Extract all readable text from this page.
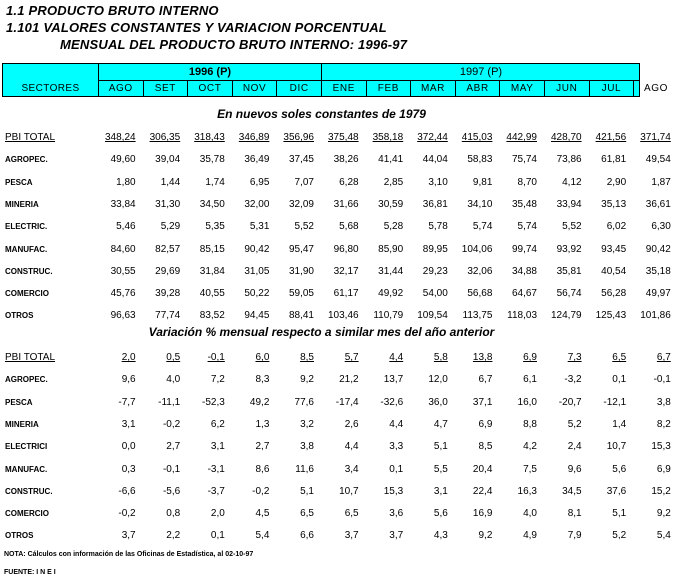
1.1 PRODUCTO BRUTO INTERNO
1.101 VALORES CONSTANTES Y VARIACION PORCENTUAL
MENSUAL DEL PRODUCTO BRUTO INTERNO: 1996-97
1996 (P)	1997 (P)
SECTORES	AGO	SET	OCT	NOV	DIC	ENE	FEB	MAR	ABR	MAY	JUN	JUL	AGO
En nuevos soles constantes de 1979
PBI TOTAL	348,24	306,35	318,43	346,89	356,96	375,48	358,18	372,44	415,03	442,99	428,70	421,56	371,74
AGROPEC.	49,60	39,04	35,78	36,49	37,45	38,26	41,41	44,04	58,83	75,74	73,86	61,81	49,54
PESCA	1,80	1,44	1,74	6,95	7,07	6,28	2,85	3,10	9,81	8,70	4,12	2,90	1,87
MINERIA	33,84	31,30	34,50	32,00	32,09	31,66	30,59	36,81	34,10	35,48	33,94	35,13	36,61
ELECTRIC.	5,46	5,29	5,35	5,31	5,52	5,68	5,28	5,78	5,74	5,74	5,52	6,02	6,30
MANUFAC.	84,60	82,57	85,15	90,42	95,47	96,80	85,90	89,95	104,06	99,74	93,92	93,45	90,42
CONSTRUC.	30,55	29,69	31,84	31,05	31,90	32,17	31,44	29,23	32,06	34,88	35,81	40,54	35,18
COMERCIO	45,76	39,28	40,55	50,22	59,05	61,17	49,92	54,00	56,68	64,67	56,74	56,28	49,97
OTROS	96,63	77,74	83,52	94,45	88,41	103,46	110,79	109,54	113,75	118,03	124,79	125,43	101,86
Variación % mensual respecto a similar mes del año anterior
PBI TOTAL	2,0	0,5	-0,1	6,0	8,5	5,7	4,4	5,8	13,8	6,9	7,3	6,5	6,7
AGROPEC.	9,6	4,0	7,2	8,3	9,2	21,2	13,7	12,0	6,7	6,1	-3,2	0,1	-0,1
PESCA	-7,7	-11,1	-52,3	49,2	77,6	-17,4	-32,6	36,0	37,1	16,0	-20,7	-12,1	3,8
MINERIA	3,1	-0,2	6,2	1,3	3,2	2,6	4,4	4,7	6,9	8,8	5,2	1,4	8,2
ELECTRICI	0,0	2,7	3,1	2,7	3,8	4,4	3,3	5,1	8,5	4,2	2,4	10,7	15,3
MANUFAC.	0,3	-0,1	-3,1	8,6	11,6	3,4	0,1	5,5	20,4	7,5	9,6	5,6	6,9
CONSTRUC.	-6,6	-5,6	-3,7	-0,2	5,1	10,7	15,3	3,1	22,4	16,3	34,5	37,6	15,2
COMERCIO	-0,2	0,8	2,0	4,5	6,5	6,5	3,6	5,6	16,9	4,0	8,1	5,1	9,2
OTROS	3,7	2,2	0,1	5,4	6,6	3,7	3,7	4,3	9,2	4,9	7,9	5,2	5,4
NOTA: Cálculos con información de las Oficinas de Estadística, al 02-10-97
FUENTE: I N E I
